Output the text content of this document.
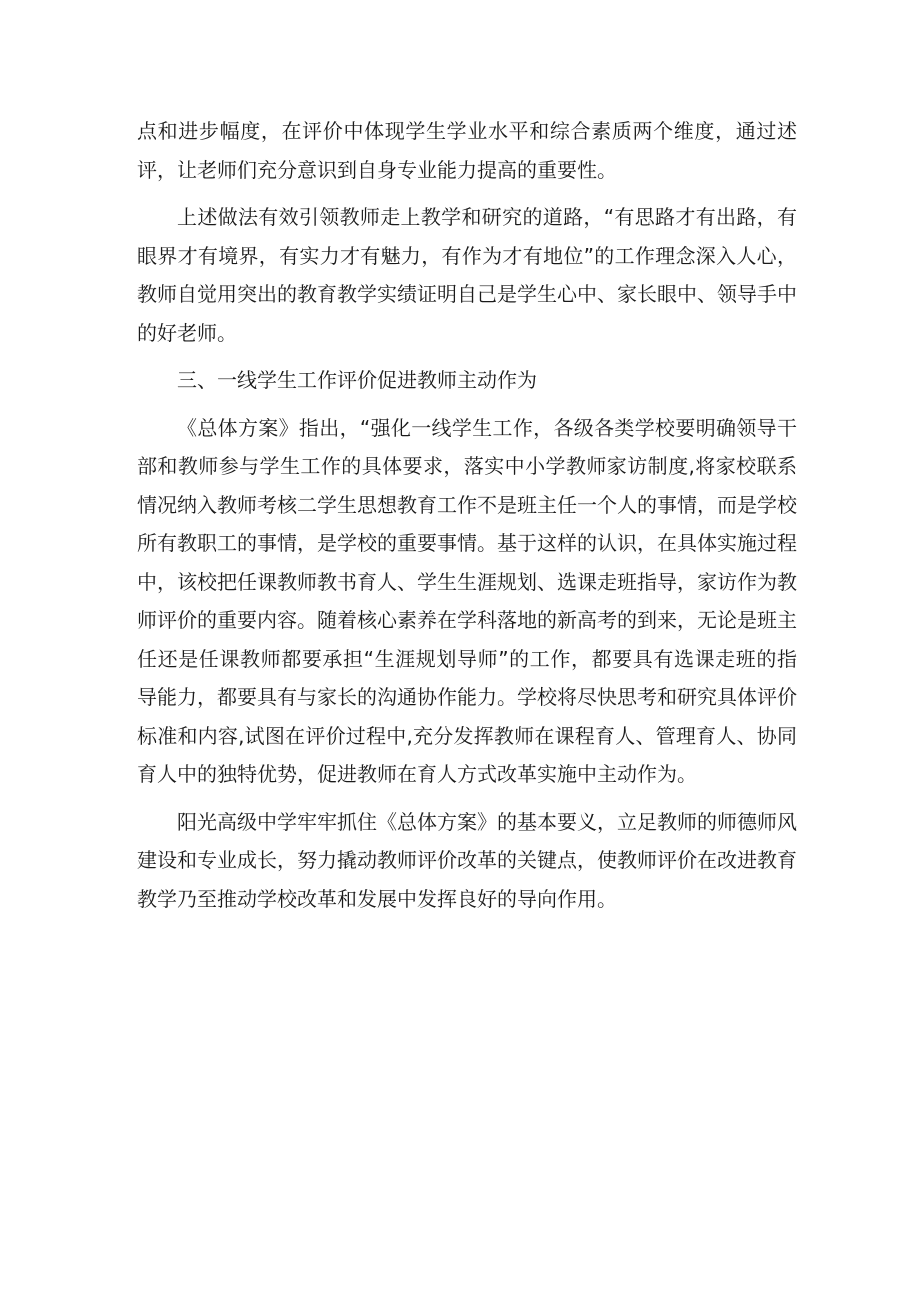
点和进步幅度，在评价中体现学生学业水平和综合素质两个维度，通过述评，让老师们充分意识到自身专业能力提高的重要性。

上述做法有效引领教师走上教学和研究的道路，“有思路才有出路，有眼界才有境界，有实力才有魅力，有作为才有地位”的工作理念深入人心，教师自觉用突出的教育教学实绩证明自己是学生心中、家长眼中、领导手中的好老师。

三、一线学生工作评价促进教师主动作为

《总体方案》指出，“强化一线学生工作，各级各类学校要明确领导干部和教师参与学生工作的具体要求，落实中小学教师家访制度,将家校联系情况纳入教师考核二学生思想教育工作不是班主任一个人的事情，而是学校所有教职工的事情，是学校的重要事情。基于这样的认识，在具体实施过程中，该校把任课教师教书育人、学生生涯规划、选课走班指导，家访作为教师评价的重要内容。随着核心素养在学科落地的新高考的到来，无论是班主任还是任课教师都要承担“生涯规划导师”的工作，都要具有选课走班的指导能力，都要具有与家长的沟通协作能力。学校将尽快思考和研究具体评价标准和内容,试图在评价过程中,充分发挥教师在课程育人、管理育人、协同育人中的独特优势，促进教师在育人方式改革实施中主动作为。

阳光高级中学牢牢抓住《总体方案》的基本要义，立足教师的师德师风建设和专业成长，努力撬动教师评价改革的关键点，使教师评价在改进教育教学乃至推动学校改革和发展中发挥良好的导向作用。
